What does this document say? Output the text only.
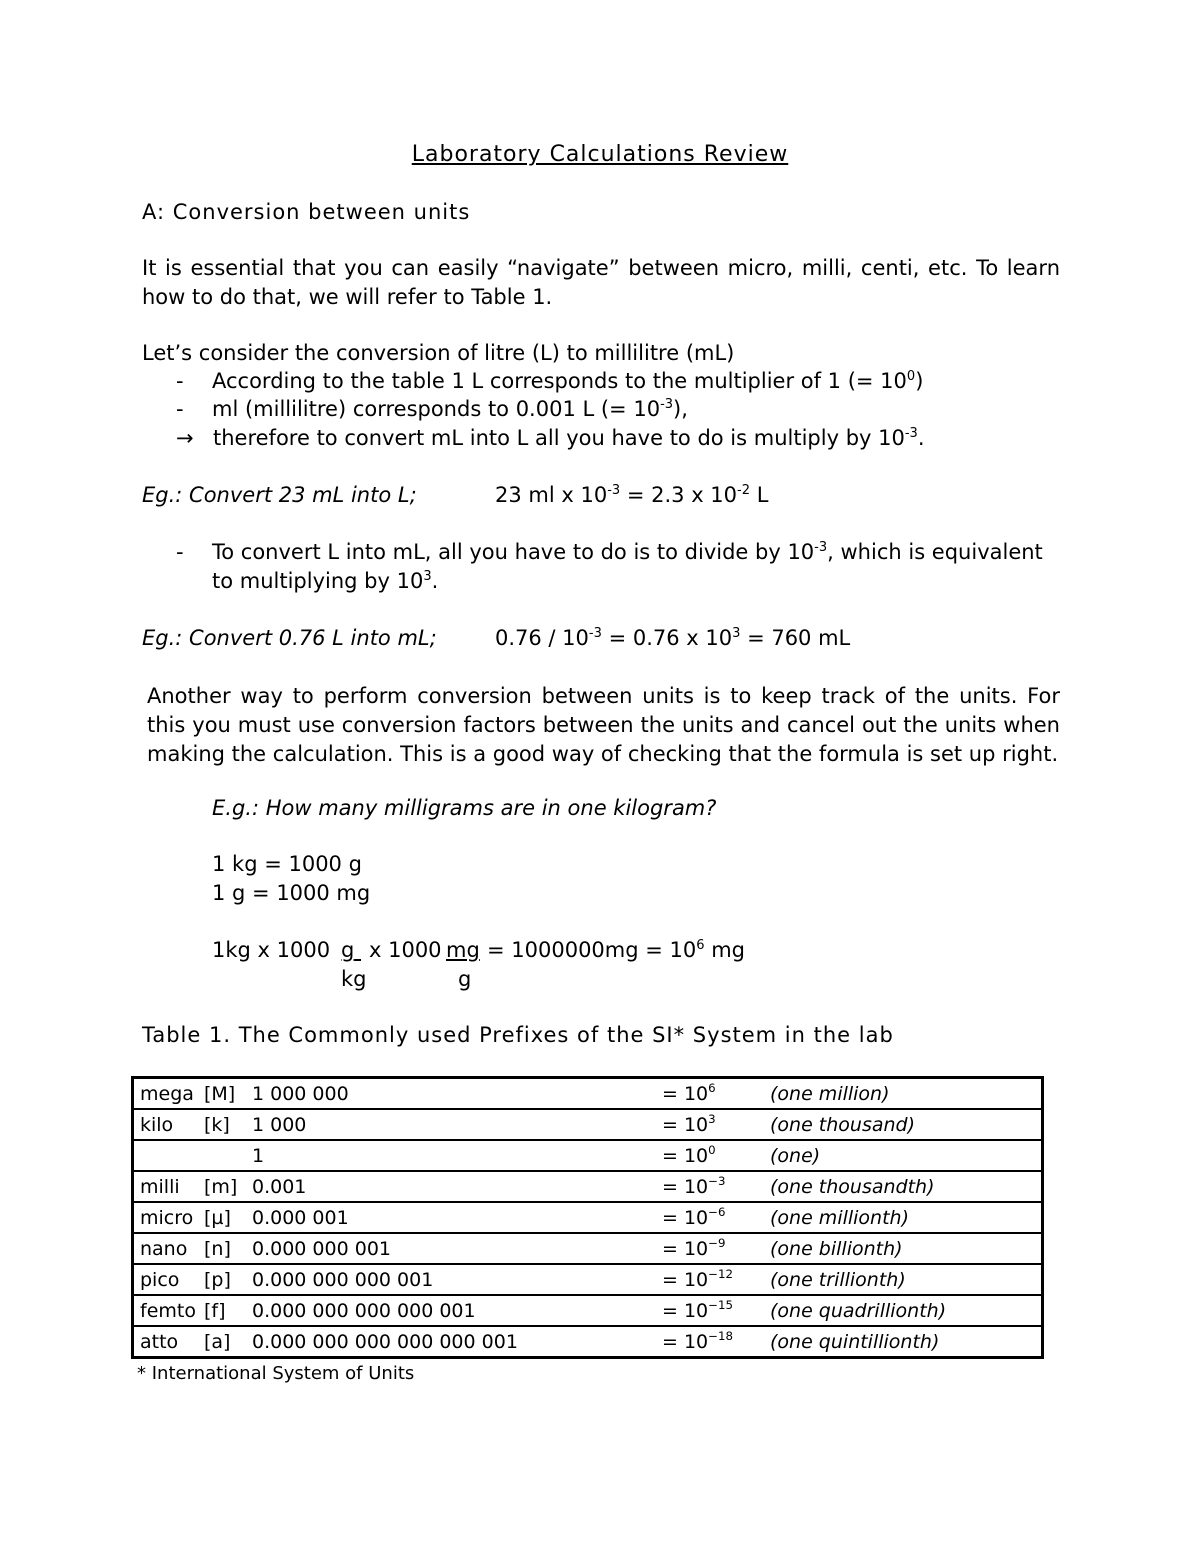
Laboratory Calculations Review
A: Conversion between units
It is essential that you can easily “navigate” between micro, milli, centi, etc. To learn how to do that, we will refer to Table 1.
Let’s consider the conversion of litre (L) to millilitre (mL)
- According to the table 1 L corresponds to the multiplier of 1 (= $10^0$)
- ml (millilitre) corresponds to 0.001 L (= $10^{-3}$),
→ therefore to convert mL into L all you have to do is multiply by $10^{-3}$.
Eg.: Convert 23 mL into L;	23 ml x $10^{-3} = 2.3$ x $10^{-2}$ L
- To convert L into mL, all you have to do is to divide by $10^{-3}$, which is equivalent
to multiplying by $10^3$.
Eg.: Convert 0.76 L into mL;	$0.76 / 10^{-3} = 0.76$ x $10^3 = 760$ mL
Another way to perform conversion between units is to keep track of the units. For this you must use conversion factors between the units and cancel out the units when making the calculation. This is a good way of checking that the formula is set up right.
E.g.: How many milligrams are in one kilogram?
1 kg = 1000 g
1 g = 1000 mg
1kg x 1000 g x 1000 mg = $1000000mg = 10^6$ mg
kg	g
Table 1. The Commonly used Prefixes of the SI* System in the lab
mega	[M]	1 000 000	= $10^6$	(one million)
kilo	[k]	1 000	= $10^3$	(one thousand)
		1	= $10^0$	(one)
milli	[m]	0.001	= $10^{-3}$	(one thousandth)
micro	[µ]	0.000 001	= $10^{-6}$	(one millionth)
nano	[n]	0.000 000 001	= $10^{-9}$	(one billionth)
pico	[p]	0.000 000 000 001	= $10^{-12}$	(one trillionth)
femto	[f]	0.000 000 000 000 001	= $10^{-15}$	(one quadrillionth)
atto	[a]	0.000 000 000 000 000 001	= $10^{-18}$	(one quintillionth)
* International System of Units
